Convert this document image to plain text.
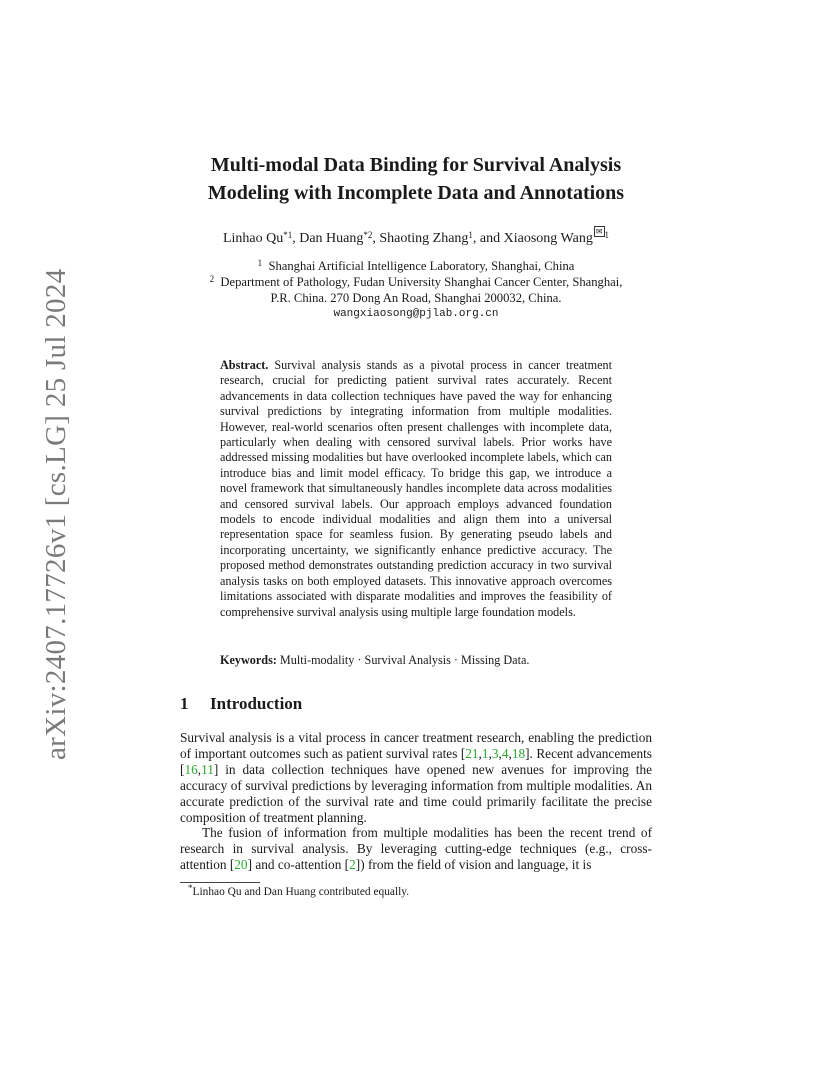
arXiv:2407.17726v1 [cs.LG] 25 Jul 2024
Multi-modal Data Binding for Survival Analysis
Modeling with Incomplete Data and Annotations
Linhao Qu$^{*1}$, Dan Huang$^{*2}$, Shaoting Zhang$^1$, and Xiaosong Wang $^{✉ 1}$
$^1$ Shanghai Artificial Intelligence Laboratory, Shanghai, China
$^2$ Department of Pathology, Fudan University Shanghai Cancer Center, Shanghai,
P.R. China. 270 Dong An Road, Shanghai 200032, China.
wangxiaosong@pjlab.org.cn
Abstract. Survival analysis stands as a pivotal process in cancer treatment research, crucial for predicting patient survival rates accurately. Recent advancements in data collection techniques have paved the way for enhancing survival predictions by integrating information from multiple modalities. However, real-world scenarios often present challenges with incomplete data, particularly when dealing with censored survival labels. Prior works have addressed missing modalities but have overlooked incomplete labels, which can introduce bias and limit model efficacy. To bridge this gap, we introduce a novel framework that simultaneously handles incomplete data across modalities and censored survival labels. Our approach employs advanced foundation models to encode individual modalities and align them into a universal representation space for seamless fusion. By generating pseudo labels and incorporating uncertainty, we significantly enhance predictive accuracy. The proposed method demonstrates outstanding prediction accuracy in two survival analysis tasks on both employed datasets. This innovative approach overcomes limitations associated with disparate modalities and improves the feasibility of comprehensive survival analysis using multiple large foundation models.
Keywords: Multi-modality · Survival Analysis · Missing Data.
1 Introduction

Survival analysis is a vital process in cancer treatment research, enabling the prediction of important outcomes such as patient survival rates [21,1,3,4,18]. Recent advancements [16,11] in data collection techniques have opened new avenues for improving the accuracy of survival predictions by leveraging information from multiple modalities. An accurate prediction of the survival rate and time could primarily facilitate the precise composition of treatment planning.

The fusion of information from multiple modalities has been the recent trend of research in survival analysis. By leveraging cutting-edge techniques (e.g., cross-attention [20] and co-attention [2]) from the field of vision and language, it is

*Linhao Qu and Dan Huang contributed equally.
